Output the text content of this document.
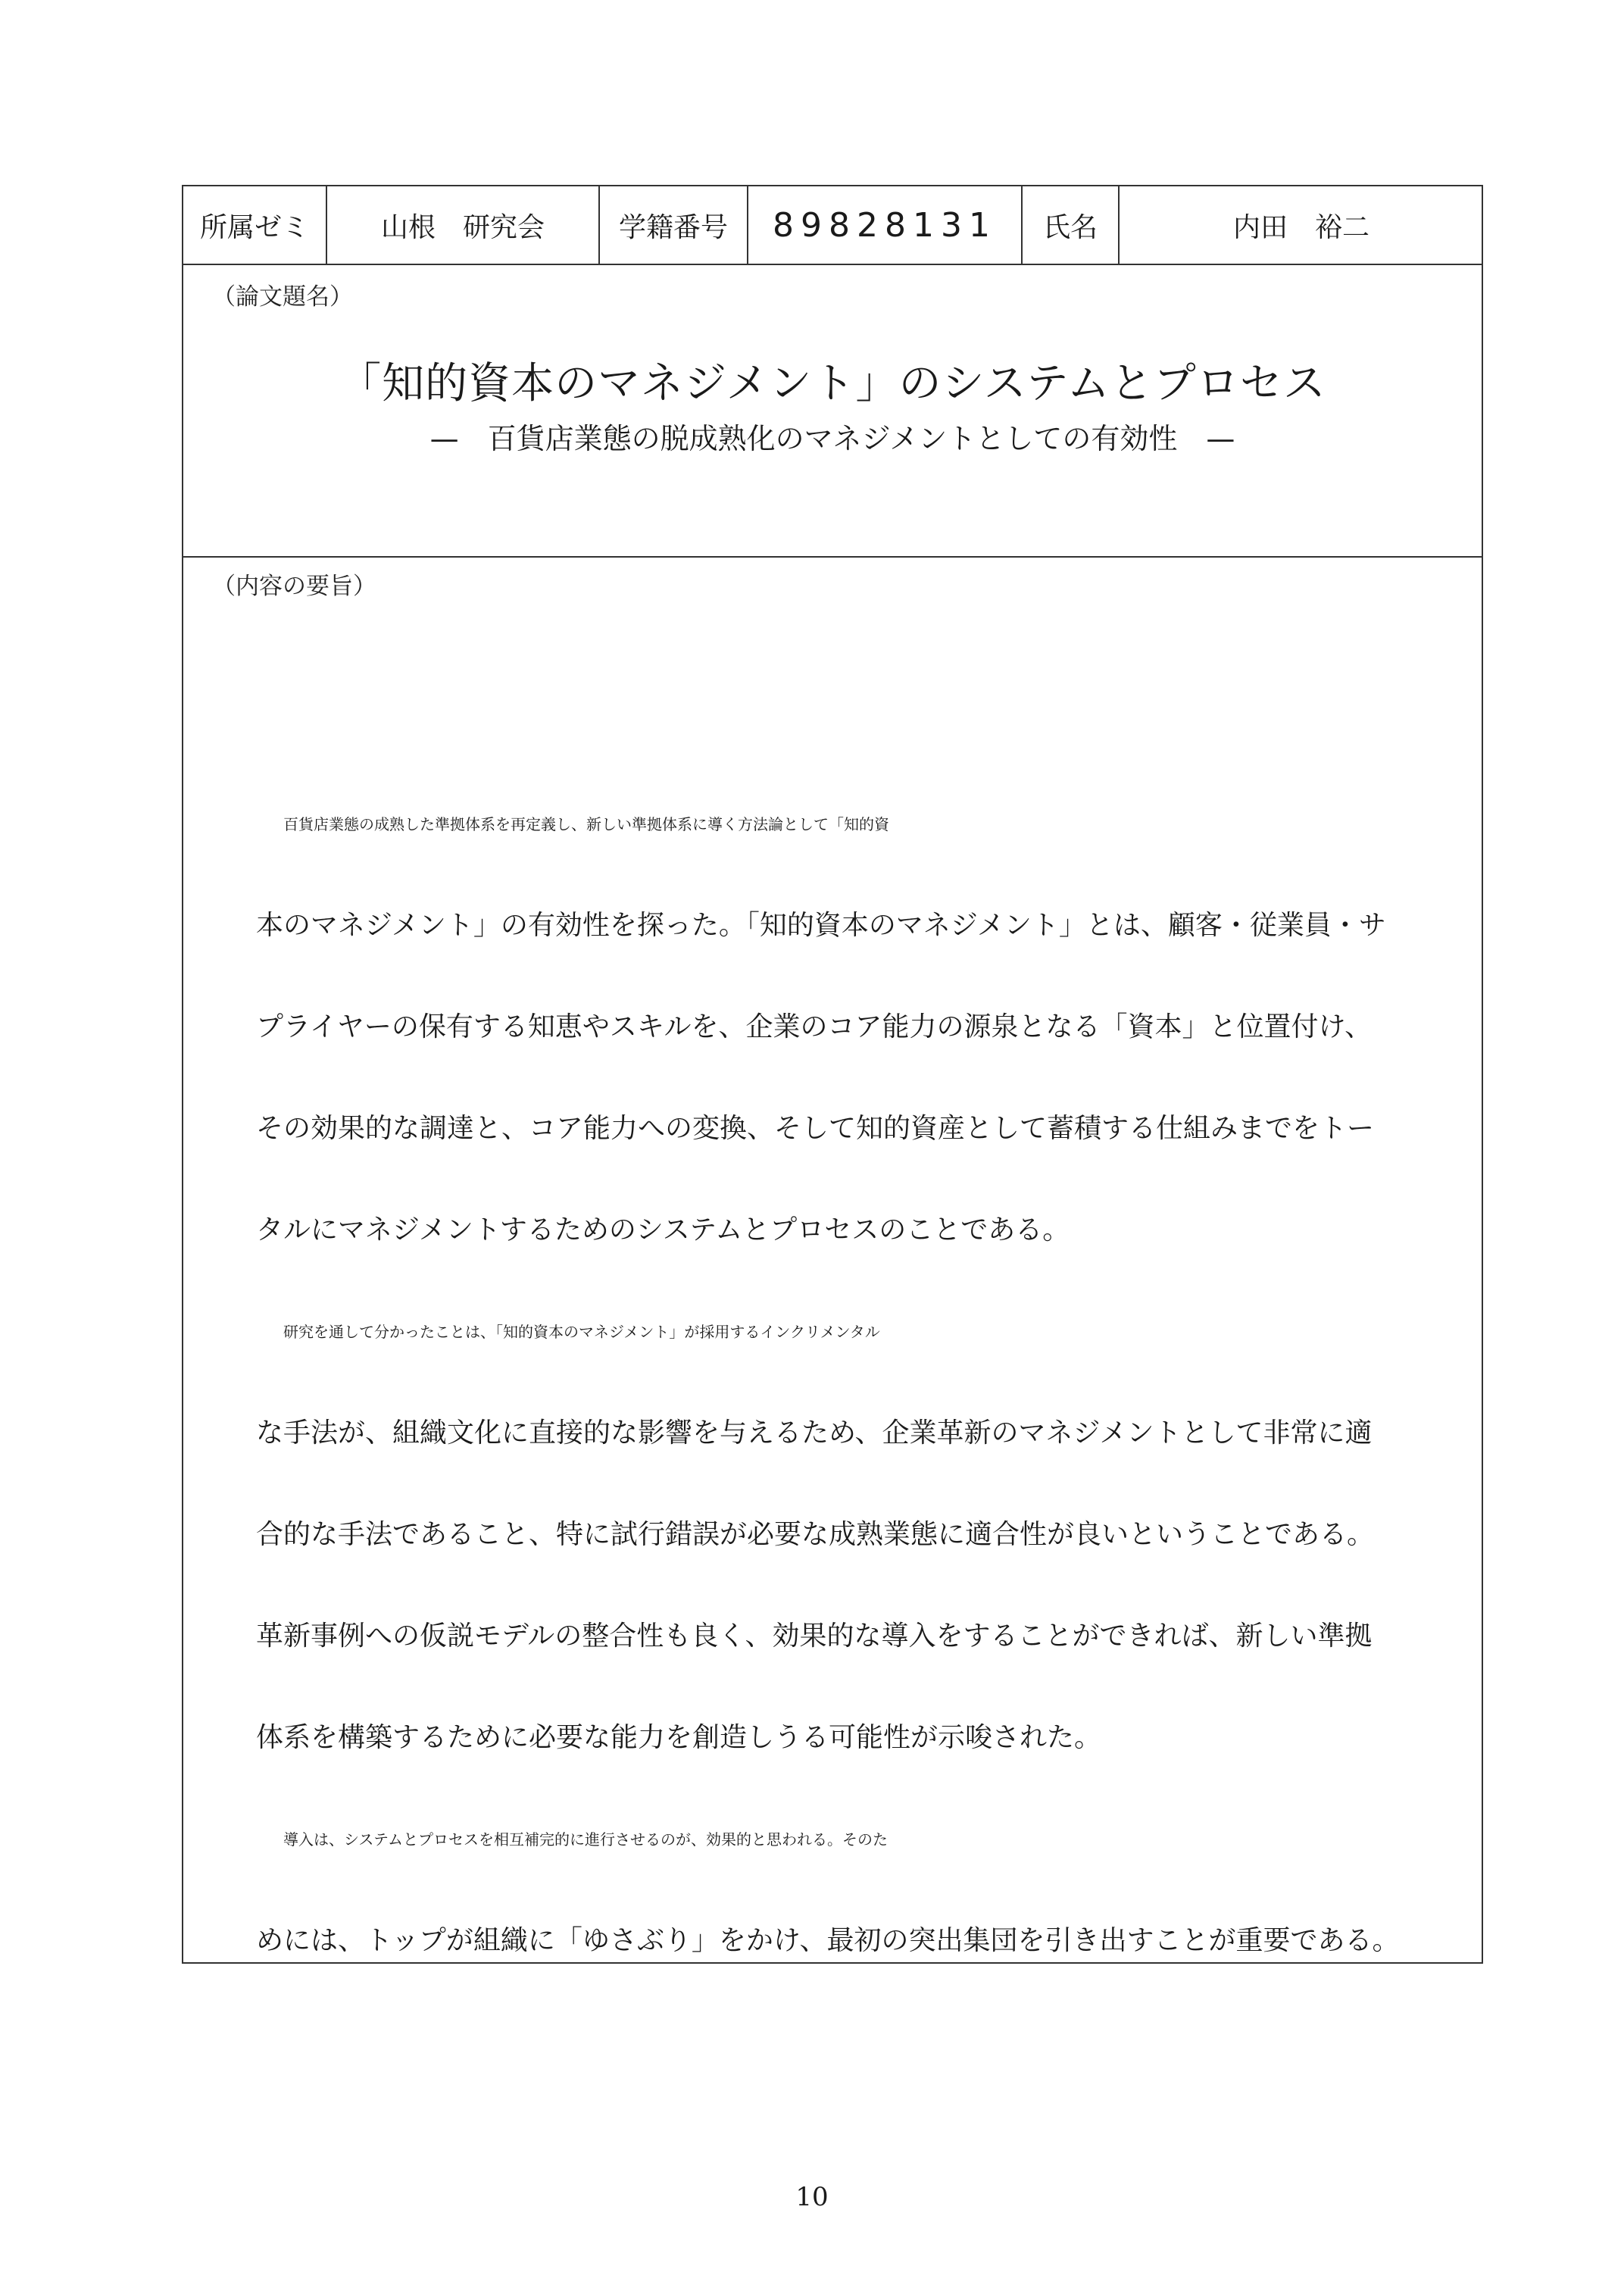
所属ゼミ	山根　研究会	学籍番号	89828131	氏名	内田　裕二
（論文題名）
「知的資本のマネジメント」のシステムとプロセス
—　百貨店業態の脱成熟化のマネジメントとしての有効性　—
（内容の要旨）
百貨店業態の成熟した準拠体系を再定義し、新しい準拠体系に導く方法論として「知的資
本のマネジメント」の有効性を探った。「知的資本のマネジメント」とは、顧客・従業員・サ
プライヤーの保有する知恵やスキルを、企業のコア能力の源泉となる「資本」と位置付け、
その効果的な調達と、コア能力への変換、そして知的資産として蓄積する仕組みまでをトー
タルにマネジメントするためのシステムとプロセスのことである。
研究を通して分かったことは、「知的資本のマネジメント」が採用するインクリメンタル
な手法が、組織文化に直接的な影響を与えるため、企業革新のマネジメントとして非常に適
合的な手法であること、特に試行錯誤が必要な成熟業態に適合性が良いということである。
革新事例への仮説モデルの整合性も良く、効果的な導入をすることができれば、新しい準拠
体系を構築するために必要な能力を創造しうる可能性が示唆された。
導入は、システムとプロセスを相互補完的に進行させるのが、効果的と思われる。そのた
めには、トップが組織に「ゆさぶり」をかけ、最初の突出集団を引き出すことが重要である。
10
